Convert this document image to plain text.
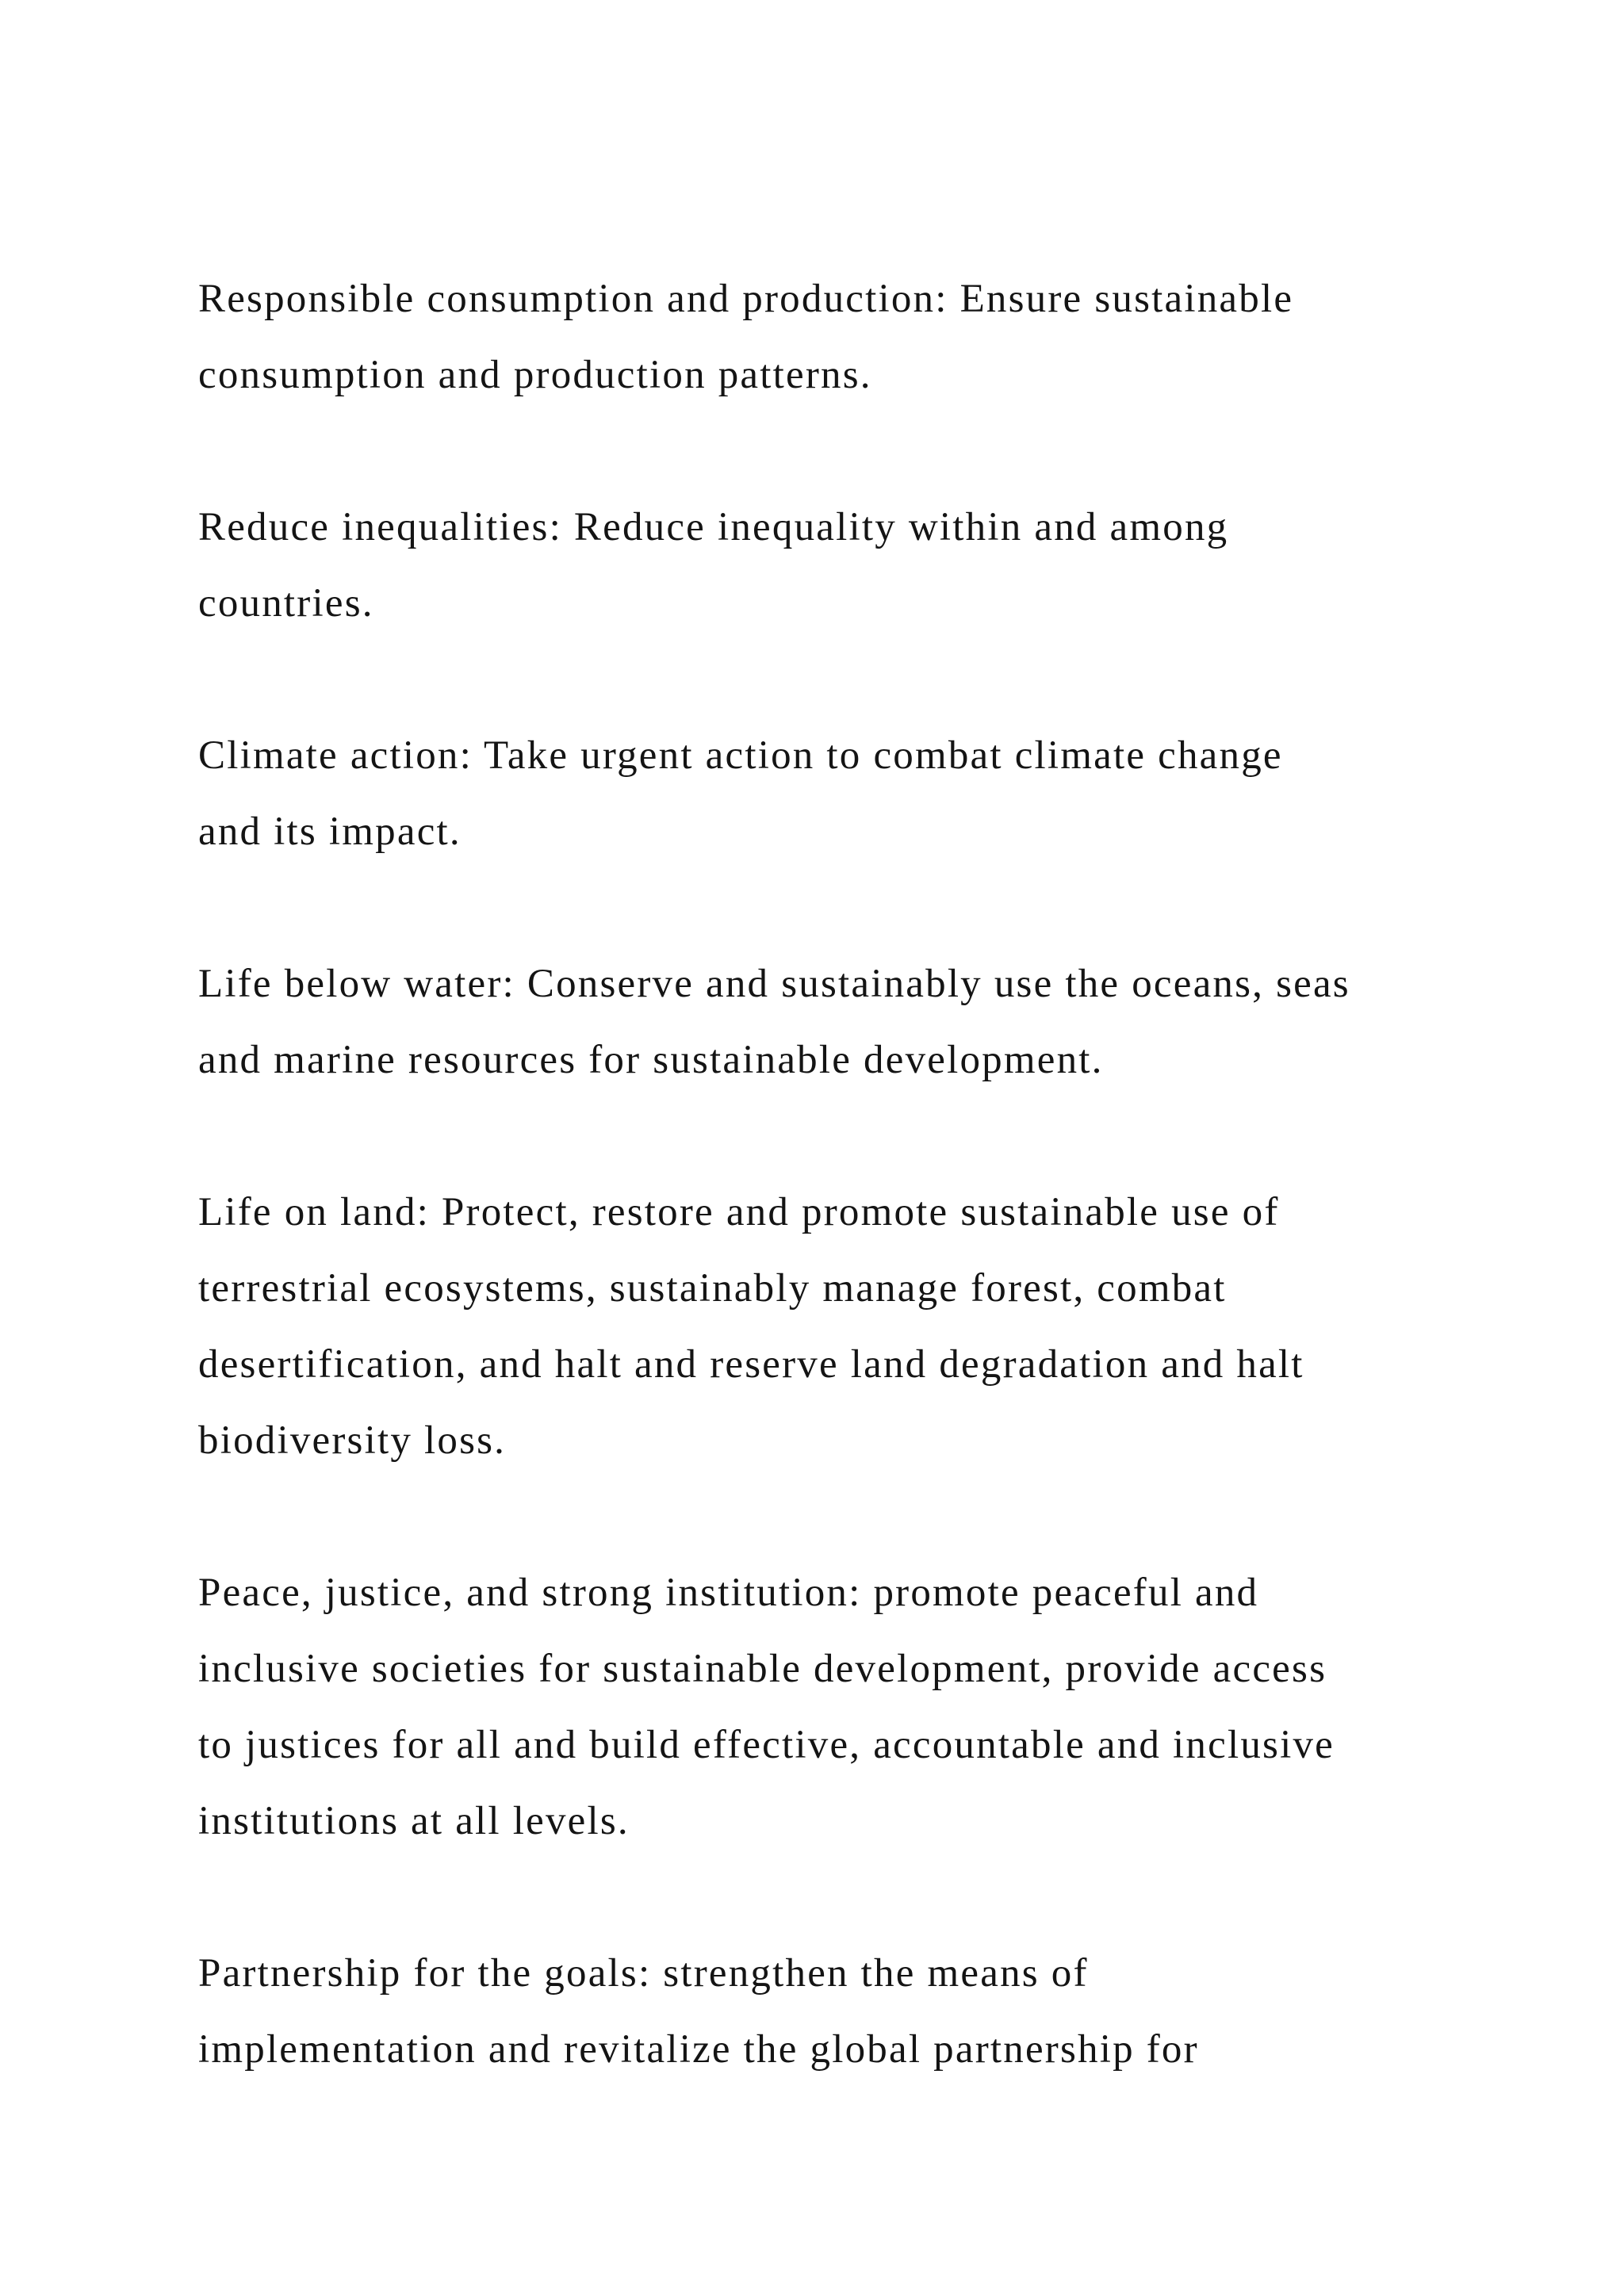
Responsible consumption and production: Ensure sustainable
consumption and production patterns.

Reduce inequalities: Reduce inequality within and among
countries.

Climate action: Take urgent action to combat climate change
and its impact.

Life below water: Conserve and sustainably use the oceans, seas
and marine resources for sustainable development.

Life on land: Protect, restore and promote sustainable use of
terrestrial ecosystems, sustainably manage forest, combat
desertification, and halt and reserve land degradation and halt
biodiversity loss.

Peace, justice, and strong institution: promote peaceful and
inclusive societies for sustainable development, provide access
to justices for all and build effective, accountable and inclusive
institutions at all levels.

Partnership for the goals: strengthen the means of
implementation and revitalize the global partnership for
